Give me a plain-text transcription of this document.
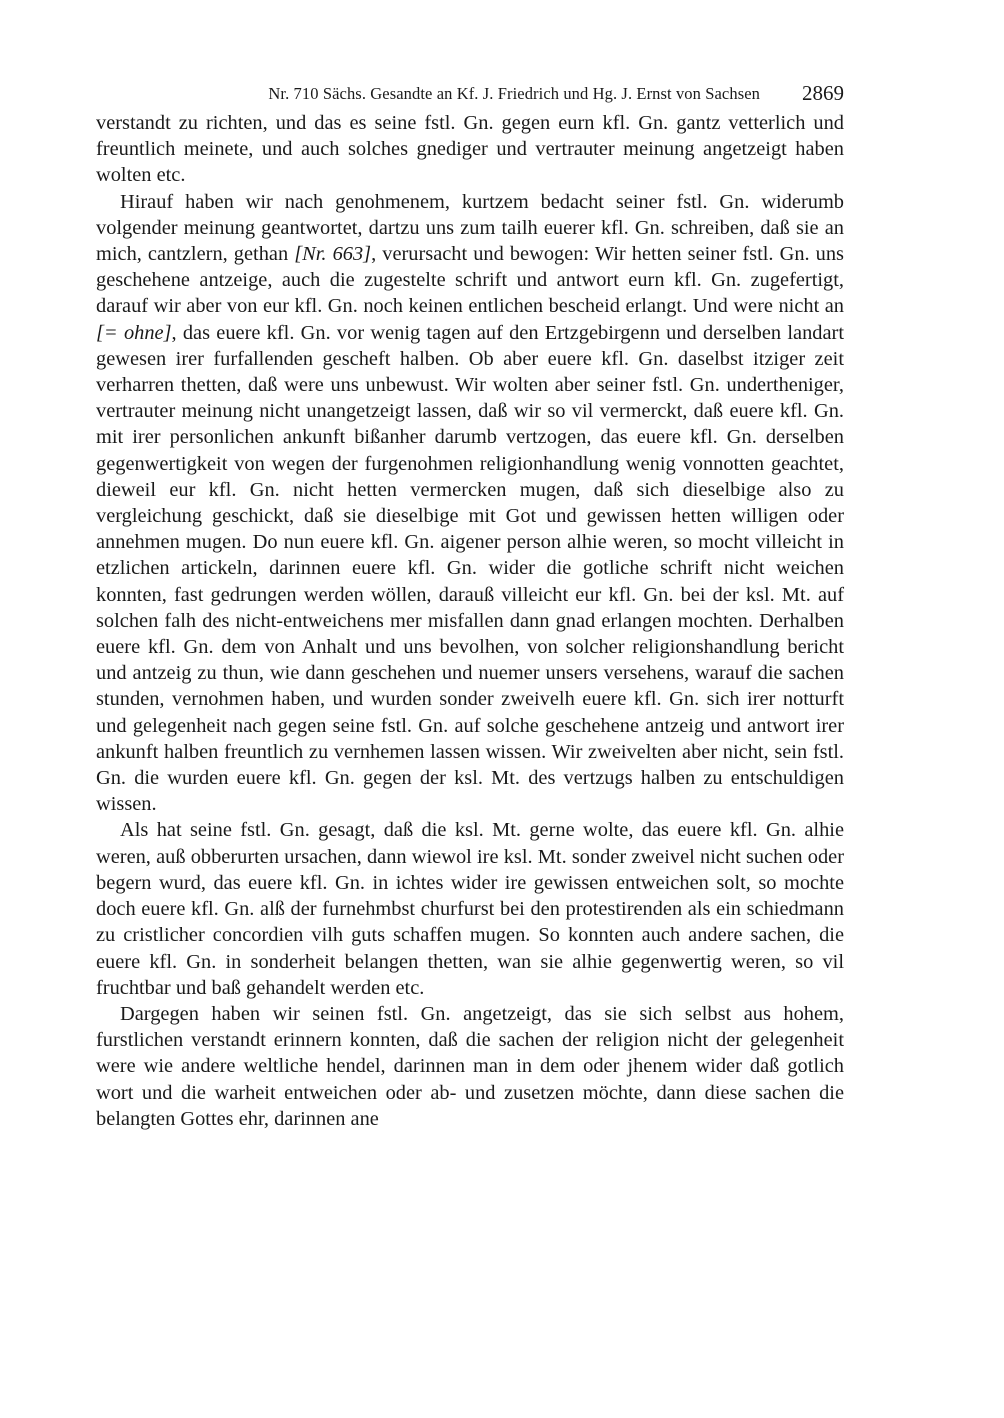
Nr. 710 Sächs. Gesandte an Kf. J. Friedrich und Hg. J. Ernst von Sachsen 2869

verstandt zu richten, und das es seine fstl. Gn. gegen eurn kfl. Gn. gantz vetterlich und freuntlich meinete, und auch solches gnediger und vertrauter meinung angetzeigt haben wolten etc.

Hirauf haben wir nach genohmenem, kurtzem bedacht seiner fstl. Gn. widerumb volgender meinung geantwortet, dartzu uns zum tailh euerer kfl. Gn. schreiben, daß sie an mich, cantzlern, gethan [Nr. 663], verursacht und bewogen: Wir hetten seiner fstl. Gn. uns geschehene antzeige, auch die zugestelte schrift und antwort eurn kfl. Gn. zugefertigt, darauf wir aber von eur kfl. Gn. noch keinen entlichen bescheid erlangt. Und were nicht an [= ohne], das euere kfl. Gn. vor wenig tagen auf den Ertzgebirgenn und derselben landart gewesen irer furfallenden gescheft halben. Ob aber euere kfl. Gn. daselbst itziger zeit verharren thetten, daß were uns unbewust. Wir wolten aber seiner fstl. Gn. undertheniger, vertrauter meinung nicht unangetzeigt lassen, daß wir so vil vermerckt, daß euere kfl. Gn. mit irer personlichen ankunft bißanher darumb vertzogen, das euere kfl. Gn. derselben gegenwertigkeit von wegen der furgenohmen religionhandlung wenig vonnotten geachtet, dieweil eur kfl. Gn. nicht hetten vermercken mugen, daß sich dieselbige also zu vergleichung geschickt, daß sie dieselbige mit Got und gewissen hetten willigen oder annehmen mugen. Do nun euere kfl. Gn. aigener person alhie weren, so mocht villeicht in etzlichen artickeln, darinnen euere kfl. Gn. wider die gotliche schrift nicht weichen konnten, fast gedrungen werden wöllen, darauß villeicht eur kfl. Gn. bei der ksl. Mt. auf solchen falh des nicht-entweichens mer misfallen dann gnad erlangen mochten. Derhalben euere kfl. Gn. dem von Anhalt und uns bevolhen, von solcher religionshandlung bericht und antzeig zu thun, wie dann geschehen und nuemer unsers versehens, warauf die sachen stunden, vernohmen haben, und wurden sonder zweivelh euere kfl. Gn. sich irer notturft und gelegenheit nach gegen seine fstl. Gn. auf solche geschehene antzeig und antwort irer ankunft halben freuntlich zu vernhemen lassen wissen. Wir zweivelten aber nicht, sein fstl. Gn. die wurden euere kfl. Gn. gegen der ksl. Mt. des vertzugs halben zu entschuldigen wissen.

Als hat seine fstl. Gn. gesagt, daß die ksl. Mt. gerne wolte, das euere kfl. Gn. alhie weren, auß obberurten ursachen, dann wiewol ire ksl. Mt. sonder zweivel nicht suchen oder begern wurd, das euere kfl. Gn. in ichtes wider ire gewissen entweichen solt, so mochte doch euere kfl. Gn. alß der furnehmbst churfurst bei den protestirenden als ein schiedmann zu cristlicher concordien vilh guts schaffen mugen. So konnten auch andere sachen, die euere kfl. Gn. in sonderheit belangen thetten, wan sie alhie gegenwertig weren, so vil fruchtbar und baß gehandelt werden etc.

Dargegen haben wir seinen fstl. Gn. angetzeigt, das sie sich selbst aus hohem, furstlichen verstandt erinnern konnten, daß die sachen der religion nicht der gelegenheit were wie andere weltliche hendel, darinnen man in dem oder jhenem wider daß gotlich wort und die warheit entweichen oder ab- und zusetzen möchte, dann diese sachen die belangten Gottes ehr, darinnen ane
